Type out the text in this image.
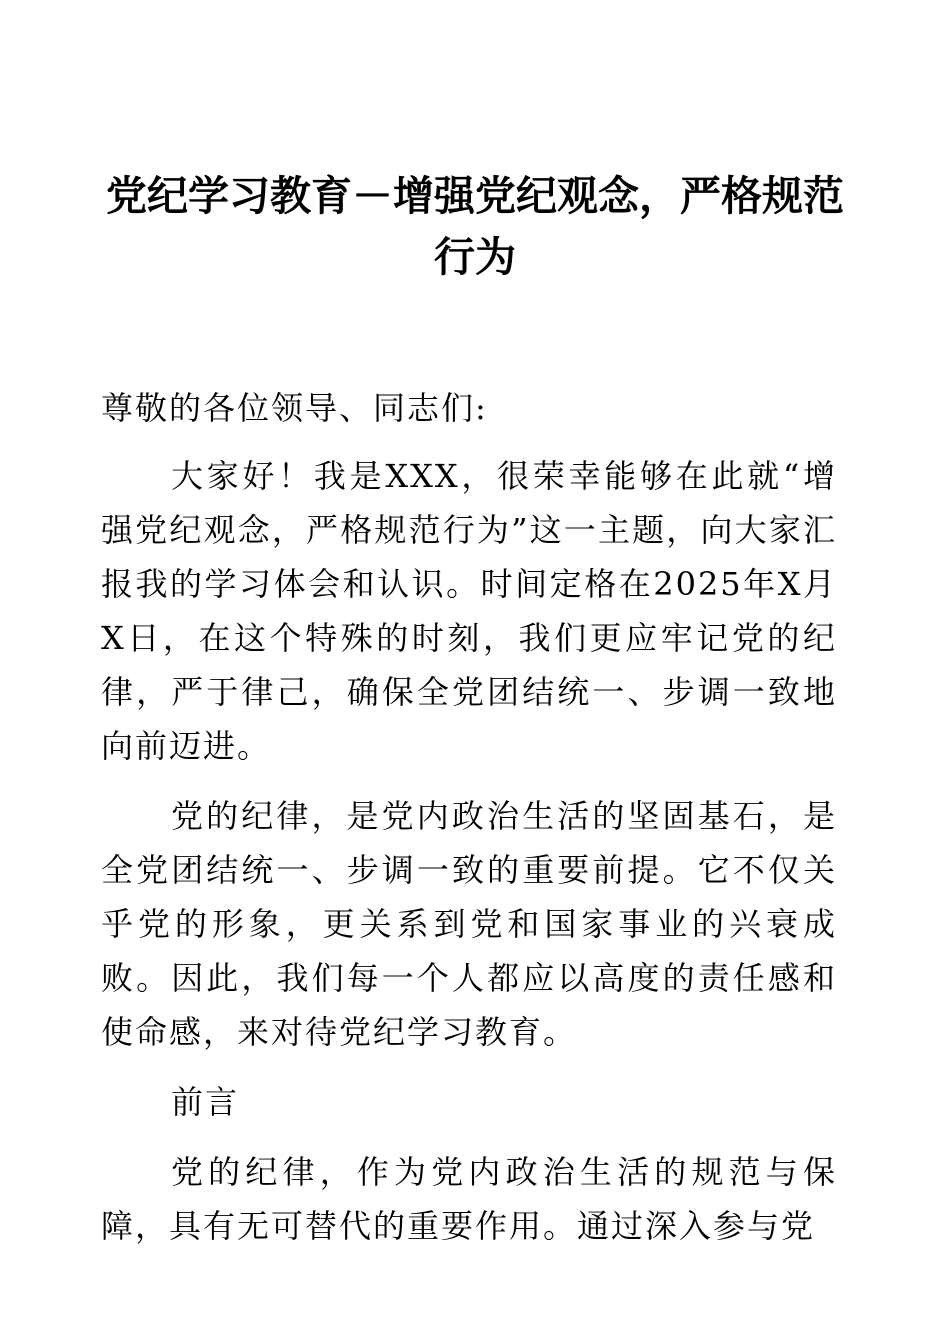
党纪学习教育－增强党纪观念，严格规范行为

尊敬的各位领导、同志们:

大家好！我是XXX，很荣幸能够在此就“增强党纪观念，严格规范行为”这一主题，向大家汇报我的学习体会和认识。时间定格在2025年X月X日，在这个特殊的时刻，我们更应牢记党的纪律，严于律己，确保全党团结统一、步调一致地向前迈进。

党的纪律，是党内政治生活的坚固基石，是全党团结统一、步调一致的重要前提。它不仅关乎党的形象，更关系到党和国家事业的兴衰成败。因此，我们每一个人都应以高度的责任感和使命感，来对待党纪学习教育。

前言

党的纪律，作为党内政治生活的规范与保障，具有无可替代的重要作用。通过深入参与党
